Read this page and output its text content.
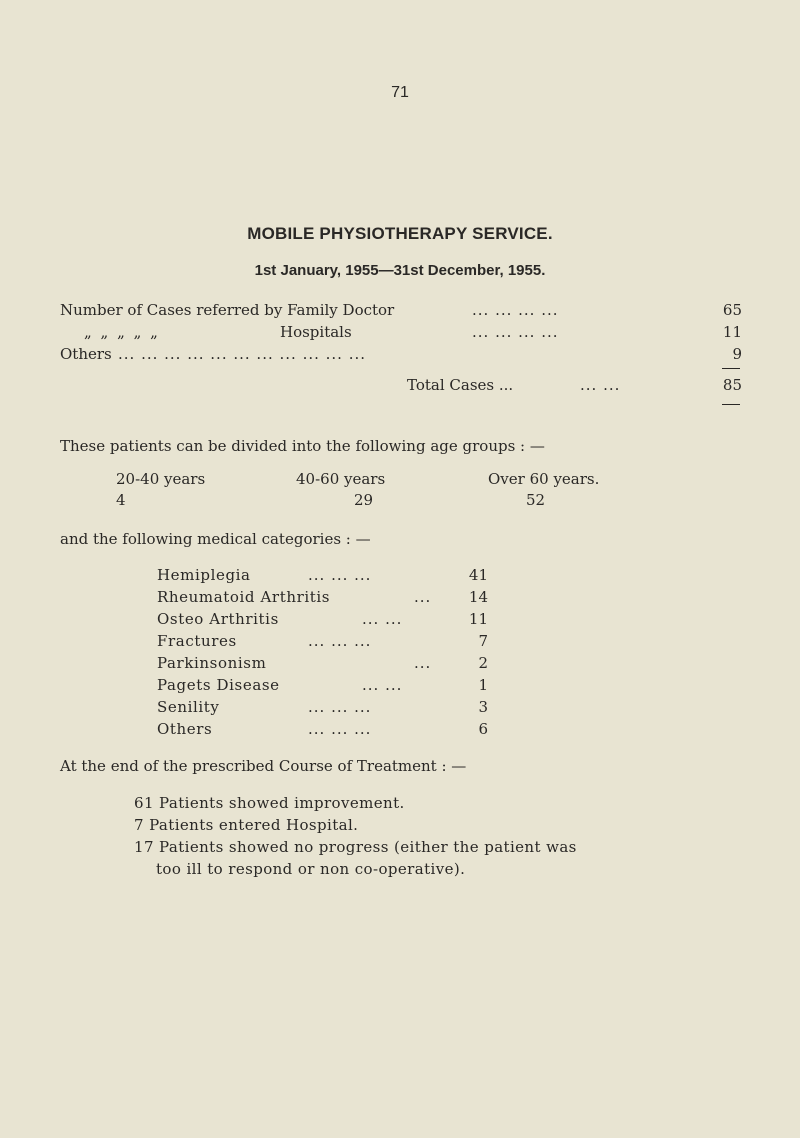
71
MOBILE PHYSIOTHERAPY SERVICE.
1st January, 1955—31st December, 1955.
Number of Cases referred by Family Doctor	... ... ... ...	65
„ „ „ „ „	Hospitals	... ... ... ...	11
Others ... ... ... ... ... ... ... ... ... ... ...	9
Total Cases ...	... ...	85
These patients can be divided into the following age groups : —
20-40 years	40-60 years	Over 60 years.
4	29	52
and the following medical categories : —
Hemiplegia	... ... ...	41
Rheumatoid Arthritis	...	14
Osteo Arthritis	... ...	11
Fractures	... ... ...	7
Parkinsonism	...	2
Pagets Disease	... ...	1
Senility	... ... ...	3
Others	... ... ...	6
At the end of the prescribed Course of Treatment : —
61 Patients showed improvement.
7 Patients entered Hospital.
17 Patients showed no progress (either the patient was
too ill to respond or non co-operative).
